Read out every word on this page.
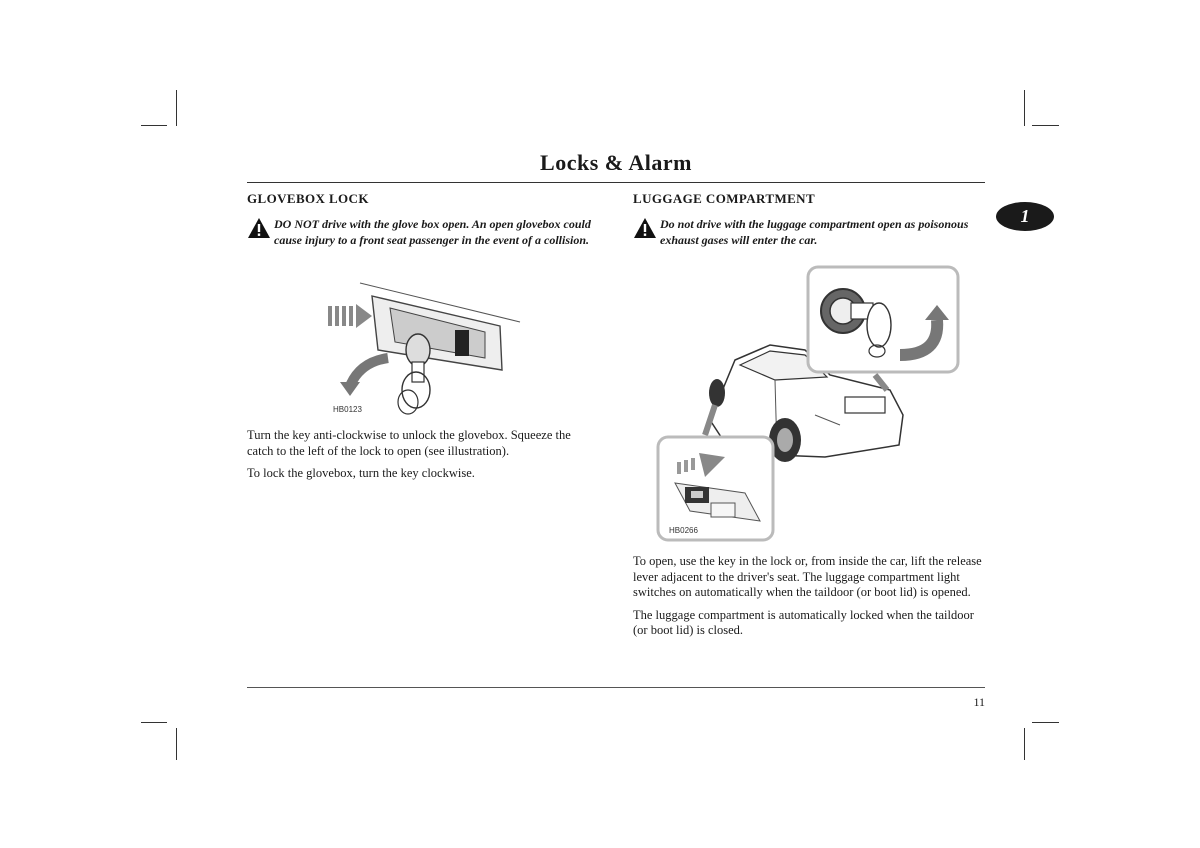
Locks & Alarm
1
GLOVEBOX LOCK

DO NOT drive with the glove box open. An open glovebox could cause injury to a front seat passenger in the event of a collision.

HB0123

Turn the key anti-clockwise to unlock the glovebox. Squeeze the catch to the left of the lock to open (see illustration).

To lock the glovebox, turn the key clockwise.

LUGGAGE COMPARTMENT

Do not drive with the luggage compartment open as poisonous exhaust gases will enter the car.

HB0266

To open, use the key in the lock or, from inside the car, lift the release lever adjacent to the driver's seat. The luggage compartment light switches on automatically when the taildoor (or boot lid) is opened.

The luggage compartment is automatically locked when the taildoor (or boot lid) is closed.

11
